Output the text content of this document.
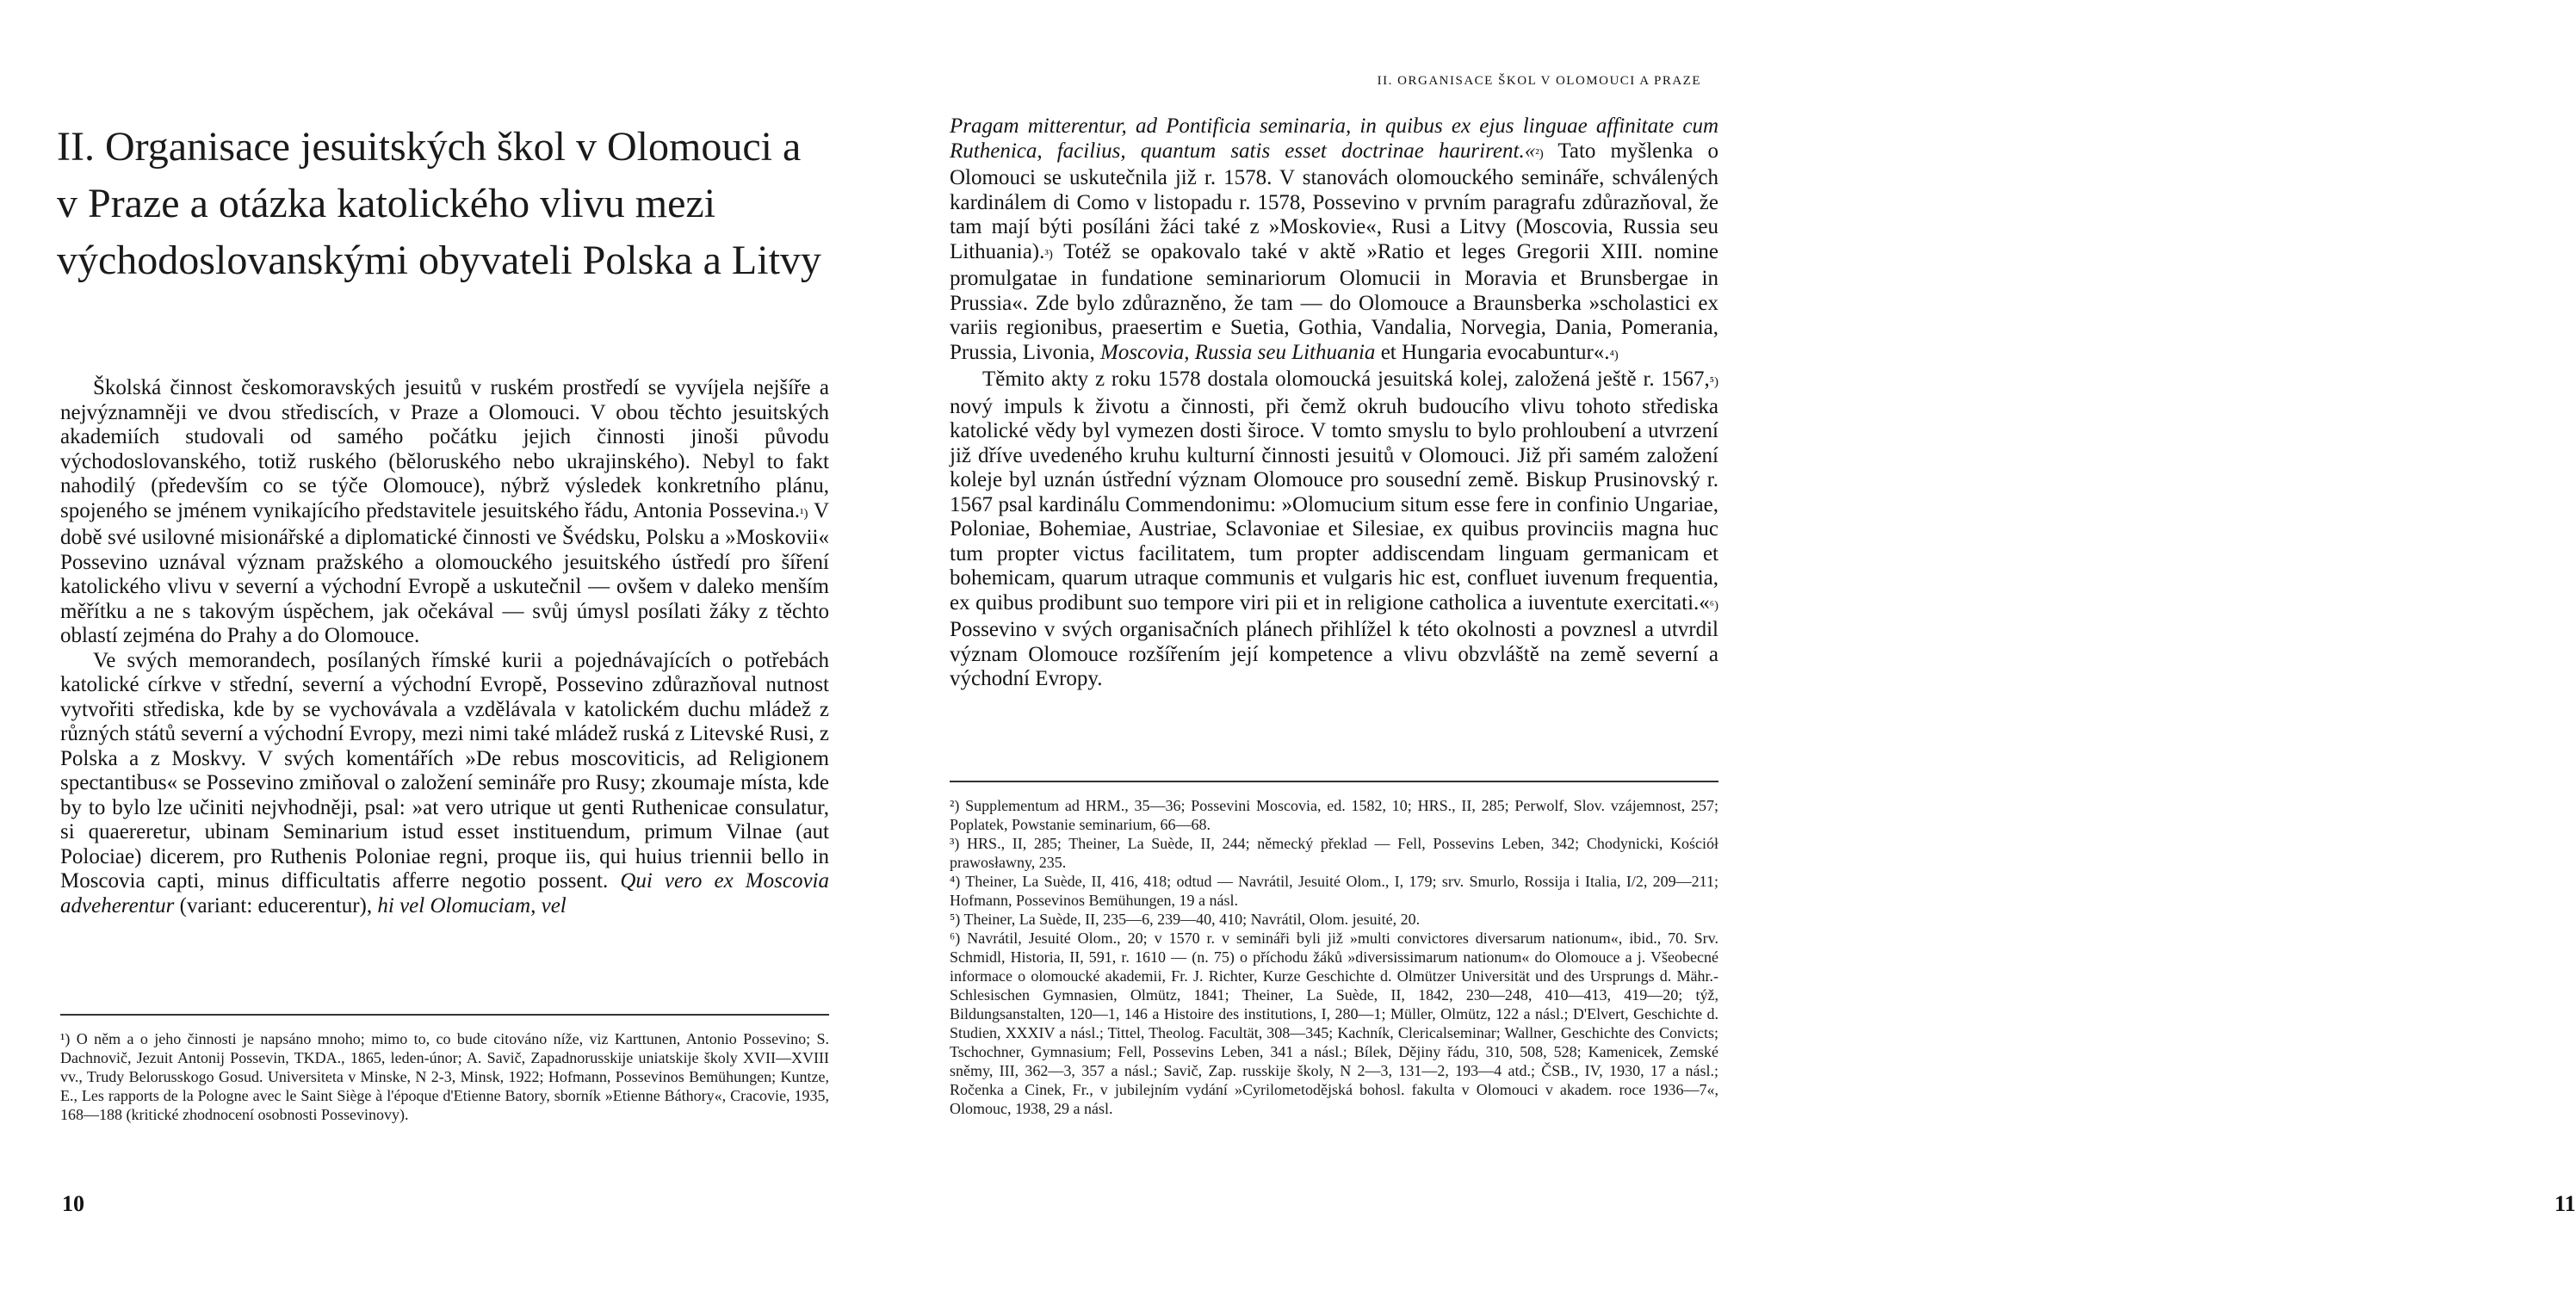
II. Organisace jesuitských škol v Olomouci a v Praze a otázka katolického vlivu mezi východoslovanskými obyvateli Polska a Litvy

Školská činnost českomoravských jesuitů v ruském prostředí se vyvíjela nejšíře a nejvýznamněji ve dvou střediscích, v Praze a Olomouci. V obou těchto jesuitských akademiích studovali od samého počátku jejich činnosti jinoši původu východoslovanského, totiž ruského (běloruského nebo ukrajinského). Nebyl to fakt nahodilý (především co se týče Olomouce), nýbrž výsledek konkretního plánu, spojeného se jménem vynikajícího představitele jesuitského řádu, Antonia Possevina.¹) V době své usilovné misionářské a diplomatické činnosti ve Švédsku, Polsku a »Moskovii« Possevino uznával význam pražského a olomouckého jesuitského ústředí pro šíření katolického vlivu v severní a východní Evropě a uskutečnil — ovšem v daleko menším měřítku a ne s takovým úspěchem, jak očekával — svůj úmysl posílati žáky z těchto oblastí zejména do Prahy a do Olomouce.

Ve svých memorandech, posílaných římské kurii a pojednávajících o potřebách katolické církve v střední, severní a východní Evropě, Possevino zdůrazňoval nutnost vytvořiti střediska, kde by se vychovávala a vzdělávala v katolickém duchu mládež z různých států severní a východní Evropy, mezi nimi také mládež ruská z Litevské Rusi, z Polska a z Moskvy. V svých komentářích »De rebus moscoviticis, ad Religionem spectantibus« se Possevino zmiňoval o založení semináře pro Rusy; zkoumaje místa, kde by to bylo lze učiniti nejvhodněji, psal: »at vero utrique ut genti Ruthenicae consulatur, si quaereretur, ubinam Seminarium istud esset instituendum, primum Vilnae (aut Polociae) dicerem, pro Ruthenis Poloniae regni, proque iis, qui huius triennii bello in Moscovia capti, minus difficultatis afferre negotio possent. Qui vero ex Moscovia adveherentur (variant: educerentur), hi vel Olomuciam, vel

¹) O něm a o jeho činnosti je napsáno mnoho; mimo to, co bude citováno níže, viz Karttunen, Antonio Possevino; S. Dachnovič, Jezuit Antonij Possevin, TKDA., 1865, leden-únor; A. Savič, Zapadnorusskije uniatskije školy XVII—XVIII vv., Trudy Belorusskogo Gosud. Universiteta v Minske, N 2-3, Minsk, 1922; Hofmann, Possevinos Bemühungen; Kuntze, E., Les rapports de la Pologne avec le Saint Siège à l'époque d'Etienne Batory, sborník »Etienne Báthory«, Cracovie, 1935, 168—188 (kritické zhodnocení osobnosti Possevinovy).

10
II. ORGANISACE ŠKOL V OLOMOUCI A PRAZE

Pragam mitterentur, ad Pontificia seminaria, in quibus ex ejus linguae affinitate cum Ruthenica, facilius, quantum satis esset doctrinae haurirent.«²) Tato myšlenka o Olomouci se uskutečnila již r. 1578. V stanovách olomouckého semináře, schválených kardinálem di Como v listopadu r. 1578, Possevino v prvním paragrafu zdůrazňoval, že tam mají býti posíláni žáci také z »Moskovie«, Rusi a Litvy (Moscovia, Russia seu Lithuania).³) Totéž se opakovalo také v aktě »Ratio et leges Gregorii XIII. nomine promulgatae in fundatione seminariorum Olomucii in Moravia et Brunsbergae in Prussia«. Zde bylo zdůrazněno, že tam — do Olomouce a Braunsberka »scholastici ex variis regionibus, praesertim e Suetia, Gothia, Vandalia, Norvegia, Dania, Pomerania, Prussia, Livonia, Moscovia, Russia seu Lithuania et Hungaria evocabuntur«.⁴)

Těmito akty z roku 1578 dostala olomoucká jesuitská kolej, založená ještě r. 1567,⁵) nový impuls k životu a činnosti, při čemž okruh budoucího vlivu tohoto střediska katolické vědy byl vymezen dosti široce. V tomto smyslu to bylo prohloubení a utvrzení již dříve uvedeného kruhu kulturní činnosti jesuitů v Olomouci. Již při samém založení koleje byl uznán ústřední význam Olomouce pro sousední země. Biskup Prusinovský r. 1567 psal kardinálu Commendonimu: »Olomucium situm esse fere in confinio Ungariae, Poloniae, Bohemiae, Austriae, Sclavoniae et Silesiae, ex quibus provinciis magna huc tum propter victus facilitatem, tum propter addiscendam linguam germanicam et bohemicam, quarum utraque communis et vulgaris hic est, confluet iuvenum frequentia, ex quibus prodibunt suo tempore viri pii et in religione catholica a iuventute exercitati.«⁶) Possevino v svých organisačních plánech přihlížel k této okolnosti a povznesl a utvrdil význam Olomouce rozšířením její kompetence a vlivu obzvláště na země severní a východní Evropy.

²) Supplementum ad HRM., 35—36; Possevini Moscovia, ed. 1582, 10; HRS., II, 285; Perwolf, Slov. vzájemnost, 257; Poplatek, Powstanie seminarium, 66—68.

³) HRS., II, 285; Theiner, La Suède, II, 244; německý překlad — Fell, Possevins Leben, 342; Chodynicki, Kościół prawosławny, 235.

⁴) Theiner, La Suède, II, 416, 418; odtud — Navrátil, Jesuité Olom., I, 179; srv. Smurlo, Rossija i Italia, I/2, 209—211; Hofmann, Possevinos Bemühungen, 19 a násl.

⁵) Theiner, La Suède, II, 235—6, 239—40, 410; Navrátil, Olom. jesuité, 20.

⁶) Navrátil, Jesuité Olom., 20; v 1570 r. v semináři byli již »multi convictores diversarum nationum«, ibid., 70. Srv. Schmidl, Historia, II, 591, r. 1610 — (n. 75) o příchodu žáků »diversissimarum nationum« do Olomouce a j. Všeobecné informace o olomoucké akademii, Fr. J. Richter, Kurze Geschichte d. Olmützer Universität und des Ursprungs d. Mähr.-Schlesischen Gymnasien, Olmütz, 1841; Theiner, La Suède, II, 1842, 230—248, 410—413, 419—20; týž, Bildungsanstalten, 120—1, 146 a Histoire des institutions, I, 280—1; Müller, Olmütz, 122 a násl.; D'Elvert, Geschichte d. Studien, XXXIV a násl.; Tittel, Theolog. Facultät, 308—345; Kachník, Clericalseminar; Wallner, Geschichte des Convicts; Tschochner, Gymnasium; Fell, Possevins Leben, 341 a násl.; Bílek, Dějiny řádu, 310, 508, 528; Kamenicek, Zemské sněmy, III, 362—3, 357 a násl.; Savič, Zap. russkije školy, N 2—3, 131—2, 193—4 atd.; ČSB., IV, 1930, 17 a násl.; Ročenka a Cinek, Fr., v jubilejním vydání »Cyrilometodějská bohosl. fakulta v Olomouci v akadem. roce 1936—7«, Olomouc, 1938, 29 a násl.

11
